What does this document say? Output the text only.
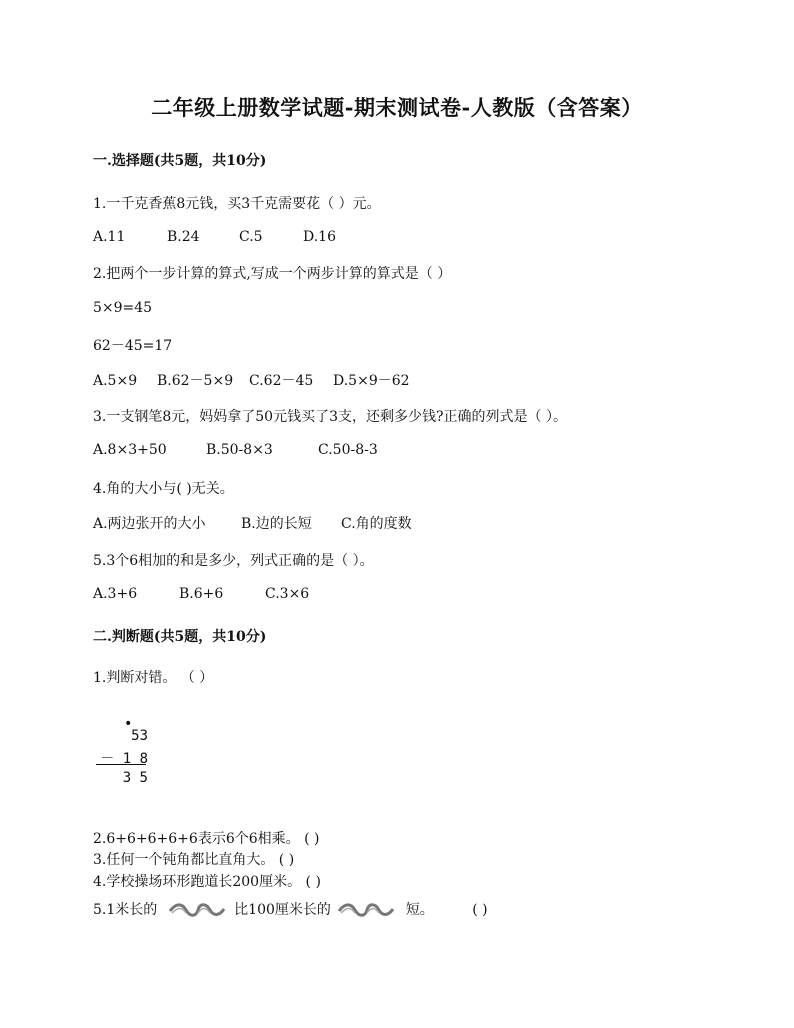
二年级上册数学试题-期末测试卷-人教版（含答案）
一.选择题(共5题，共10分)
1.一千克香蕉8元钱，买3千克需要花（ ）元。
A.11	B.24	C.5	D.16
2.把两个一步计算的算式,写成一个两步计算的算式是（ ）
5×9=45
62－45=17
A.5×9 B.62－5×9 C.62－45 D.5×9－62
3.一支钢笔8元，妈妈拿了50元钱买了3支，还剩多少钱?正确的列式是（ ）。
A.8×3+50	B.50-8×3	C.50-8-3
4.角的大小与( )无关。
A.两边张开的大小	B.边的长短 C.角的度数
5.3个6相加的和是多少，列式正确的是（ ）。
A.3+6	B.6+6	C.3×6
二.判断题(共5题，共10分)
1.判断对错。 （ ）
•
53
－ 1 8
3 5
2.6+6+6+6+6表示6个6相乘。 ( )
3.任何一个钝角都比直角大。 ( )
4.学校操场环形跑道长200厘米。 ( )
5.1米长的	比100厘米长的	短。	( )
